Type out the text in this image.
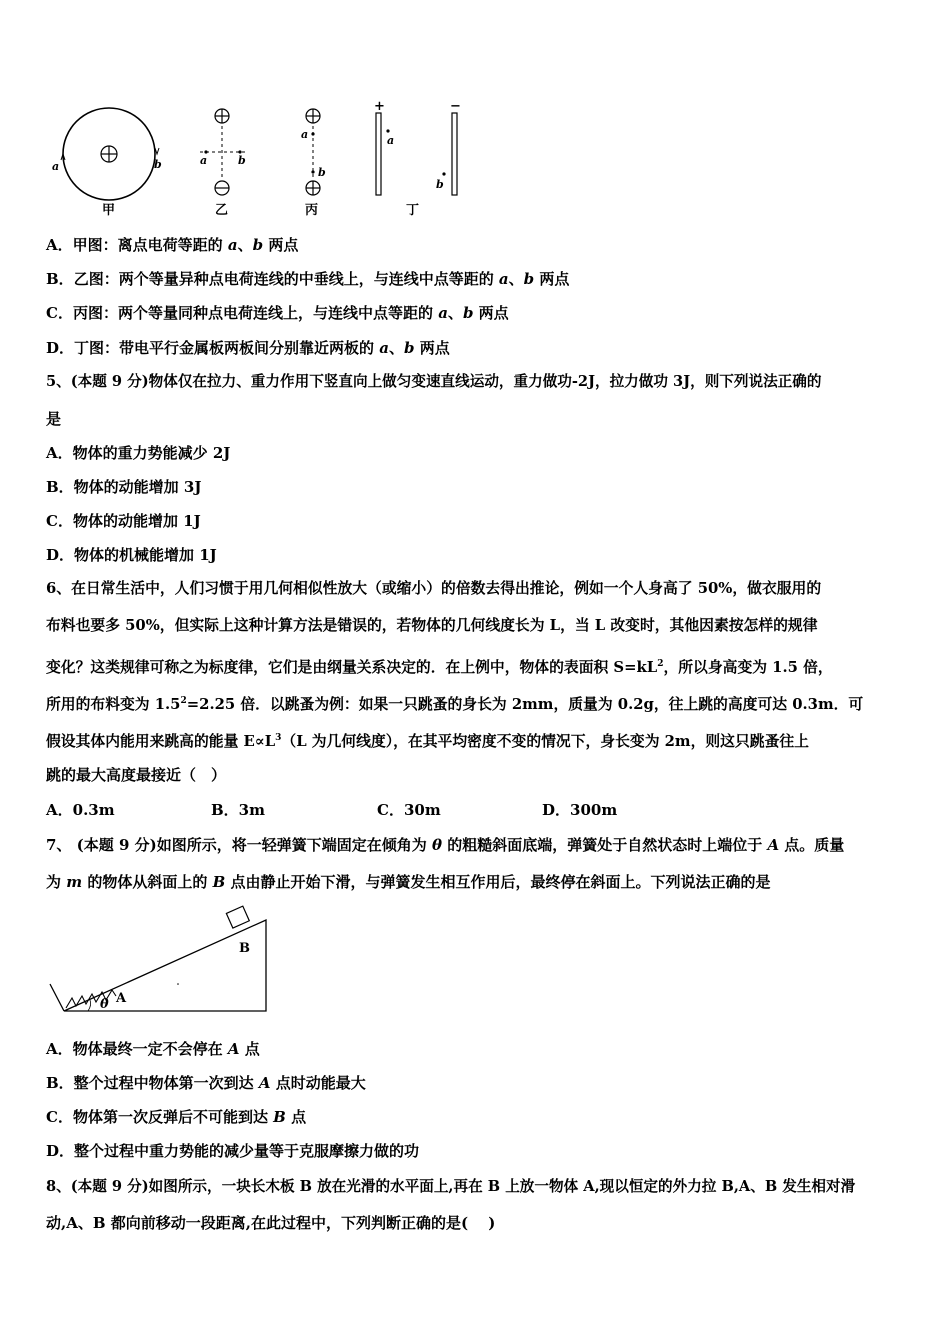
a	b
甲
a	b
乙
a
b
丙
+
a
−
b
丁
A．甲图：离点电荷等距的 a、b 两点
B．乙图：两个等量异种点电荷连线的中垂线上，与连线中点等距的 a、b 两点
C．丙图：两个等量同种点电荷连线上，与连线中点等距的 a、b 两点
D．丁图：带电平行金属板两板间分别靠近两板的 a、b 两点
5、(本题 9 分)物体仅在拉力、重力作用下竖直向上做匀变速直线运动，重力做功-2J，拉力做功 3J，则下列说法正确的
是
A．物体的重力势能减少 2J
B．物体的动能增加 3J
C．物体的动能增加 1J
D．物体的机械能增加 1J
6、在日常生活中，人们习惯于用几何相似性放大（或缩小）的倍数去得出推论，例如一个人身高了 50%，做衣服用的
布料也要多 50%，但实际上这种计算方法是错误的，若物体的几何线度长为 L，当 L 改变时，其他因素按怎样的规律
变化？这类规律可称之为标度律，它们是由纲量关系决定的．在上例中，物体的表面积 $S=kL^2$，所以身高变为 1.5 倍，
所用的布料变为 $1.5^2=2.25$ 倍．以跳蚤为例：如果一只跳蚤的身长为 2mm，质量为 0.2g，往上跳的高度可达 0.3m．可
假设其体内能用来跳高的能量 $E\propto L^3(L$ 为几何线度），在其平均密度不变的情况下，身长变为 2m，则这只跳蚤往上
跳的最大高度最接近（　）
A．0.3m	B．3m	C．30m	D．300m
7、 (本题 9 分)如图所示，将一轻弹簧下端固定在倾角为 θ 的粗糙斜面底端，弹簧处于自然状态时上端位于 A 点。质量
为 m 的物体从斜面上的 B 点由静止开始下滑，与弹簧发生相互作用后，最终停在斜面上。下列说法正确的是
B
A
θ
A．物体最终一定不会停在 A 点
B．整个过程中物体第一次到达 A 点时动能最大
C．物体第一次反弹后不可能到达 B 点
D．整个过程中重力势能的减少量等于克服摩擦力做的功
8、(本题 9 分)如图所示，一块长木板 B 放在光滑的水平面上,再在 B 上放一物体 A,现以恒定的外力拉 B,A、B 发生相对滑
动,A、B 都向前移动一段距离,在此过程中，下列判断正确的是(　 )
